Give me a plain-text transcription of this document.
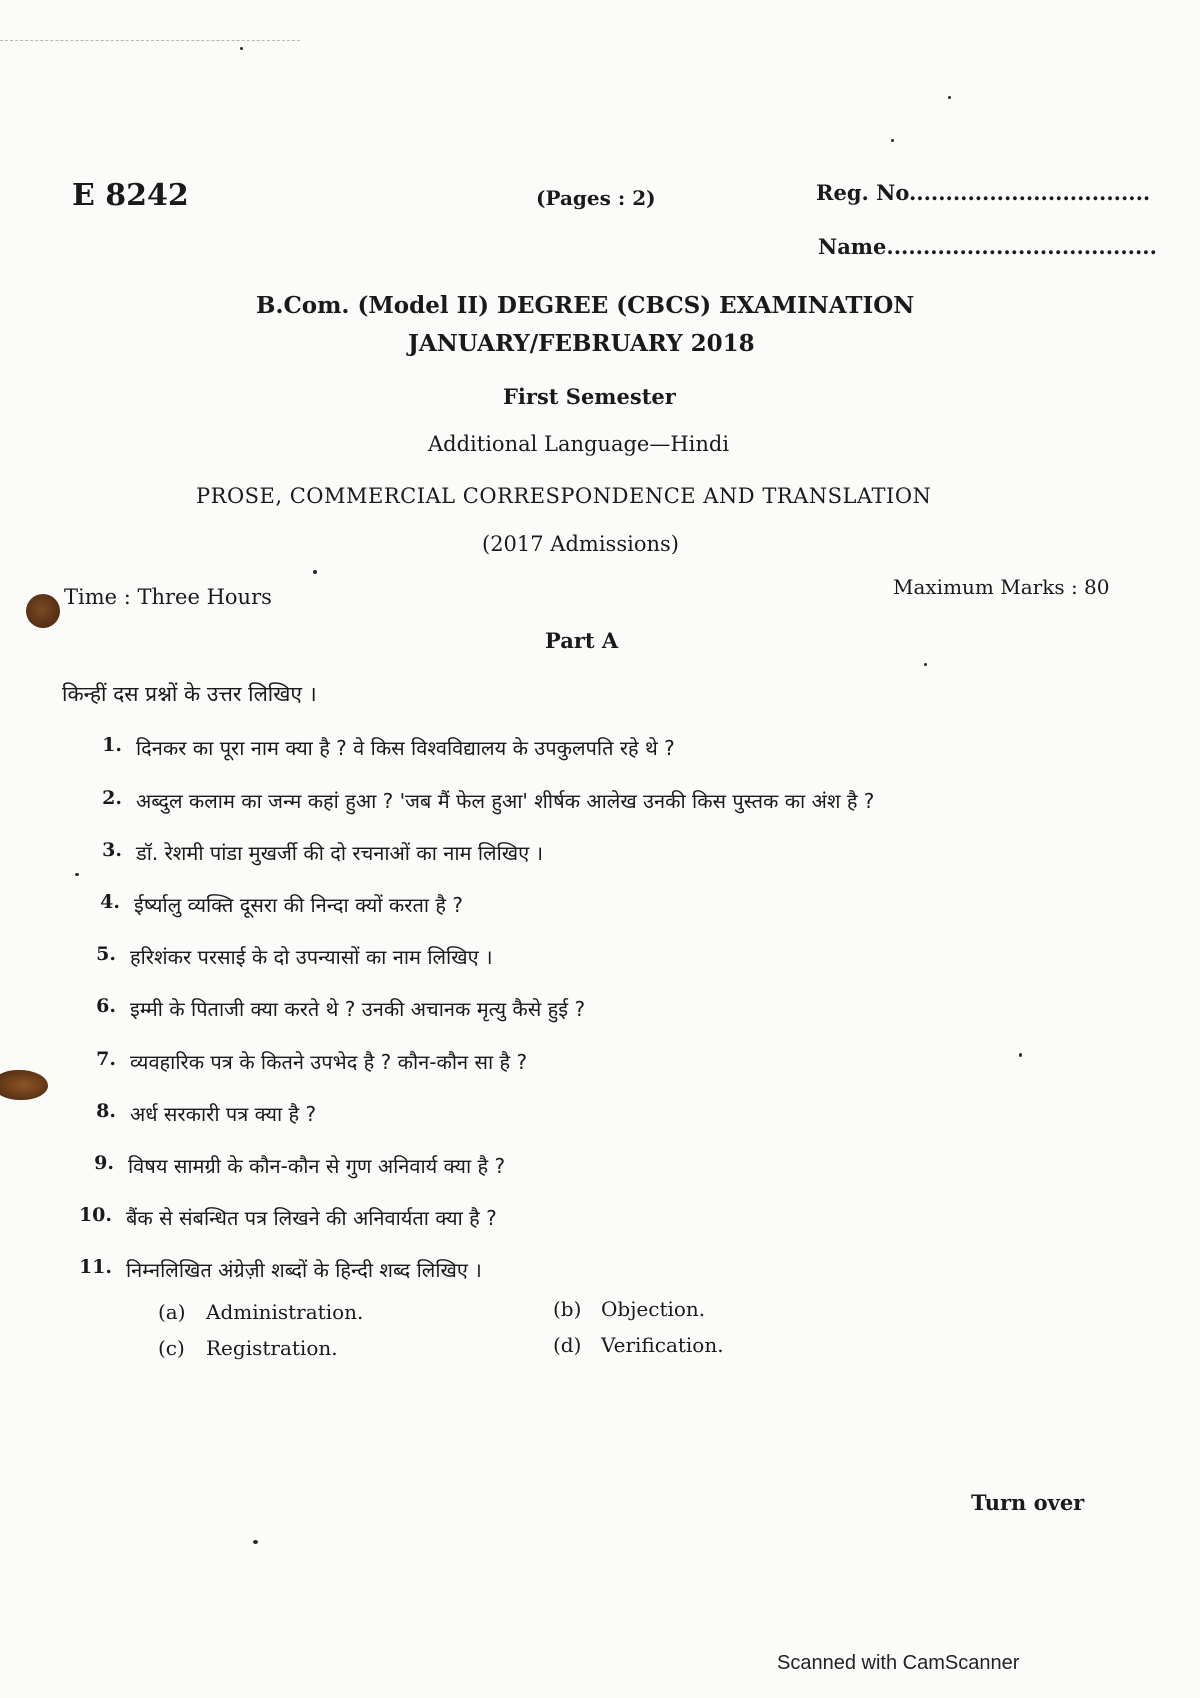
E 8242	(Pages : 2)	Reg. No.................................
Name.....................................
B.Com. (Model II) DEGREE (CBCS) EXAMINATION
JANUARY/FEBRUARY 2018
First Semester
Additional Language—Hindi
PROSE, COMMERCIAL CORRESPONDENCE AND TRANSLATION
(2017 Admissions)
Time : Three Hours	Maximum Marks : 80
Part A
किन्हीं दस प्रश्नों के उत्तर लिखिए ।
1. दिनकर का पूरा नाम क्या है ? वे किस विश्वविद्यालय के उपकुलपति रहे थे ?
2. अब्दुल कलाम का जन्म कहां हुआ ? 'जब मैं फेल हुआ' शीर्षक आलेख उनकी किस पुस्तक का अंश है ?
3. डॉ. रेशमी पांडा मुखर्जी की दो रचनाओं का नाम लिखिए ।
4. ईर्ष्यालु व्यक्ति दूसरा की निन्दा क्यों करता है ?
5. हरिशंकर परसाई के दो उपन्यासों का नाम लिखिए ।
6. इम्मी के पिताजी क्या करते थे ? उनकी अचानक मृत्यु कैसे हुई ?
7. व्यवहारिक पत्र के कितने उपभेद है ? कौन-कौन सा है ?
8. अर्ध सरकारी पत्र क्या है ?
9. विषय सामग्री के कौन-कौन से गुण अनिवार्य क्या है ?
10. बैंक से संबन्धित पत्र लिखने की अनिवार्यता क्या है ?
11. निम्नलिखित अंग्रेज़ी शब्दों के हिन्दी शब्द लिखिए ।
(a) Administration.	(b) Objection.
(c) Registration.	(d) Verification.
Turn over
Scanned with CamScanner
